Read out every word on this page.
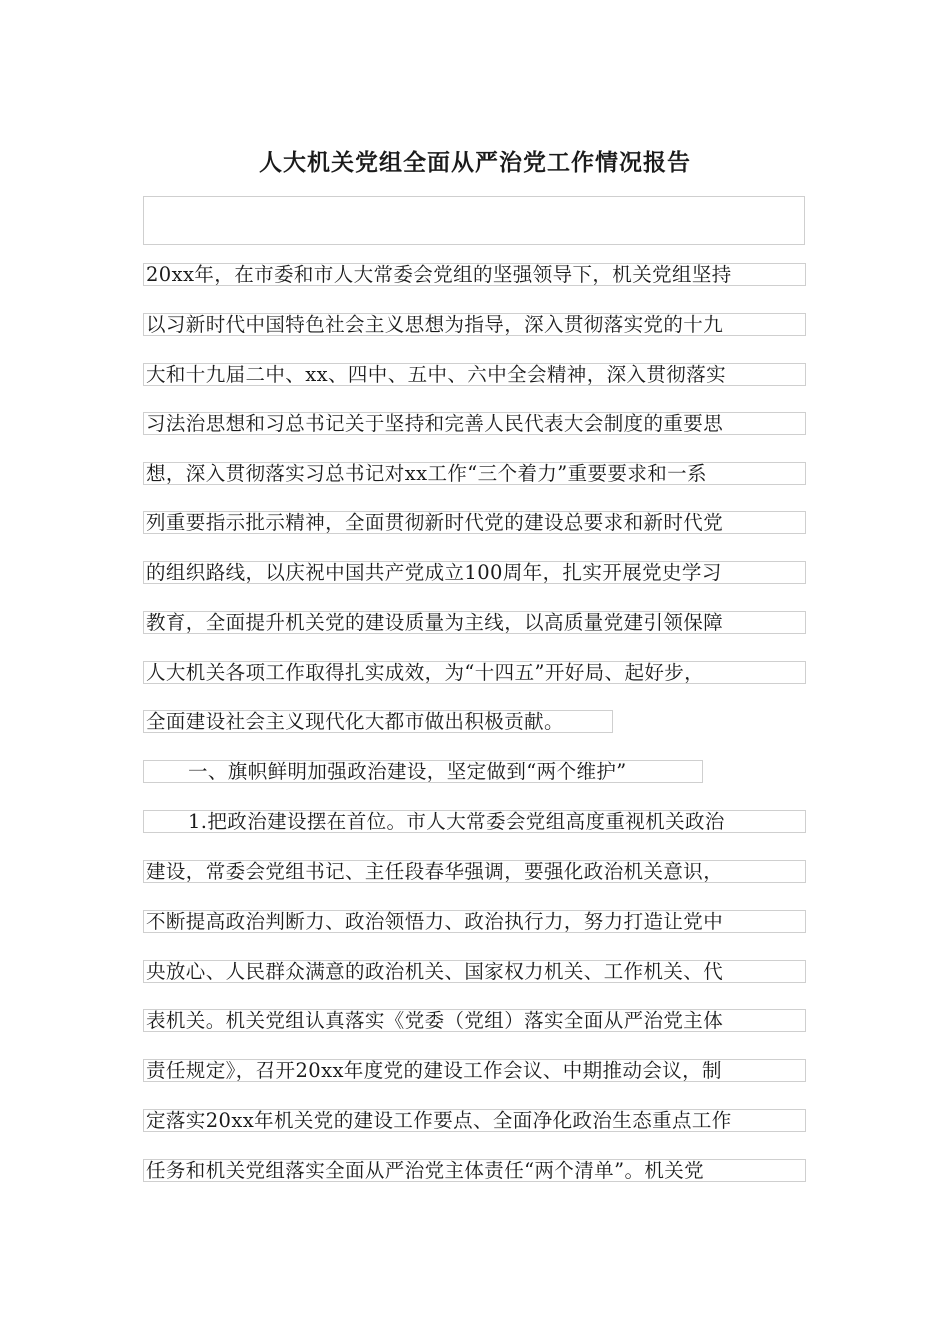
人大机关党组全面从严治党工作情况报告
20xx年，在市委和市人大常委会党组的坚强领导下，机关党组坚持
以习新时代中国特色社会主义思想为指导，深入贯彻落实党的十九
大和十九届二中、xx、四中、五中、六中全会精神，深入贯彻落实
习法治思想和习总书记关于坚持和完善人民代表大会制度的重要思
想，深入贯彻落实习总书记对xx工作“三个着力”重要要求和一系
列重要指示批示精神，全面贯彻新时代党的建设总要求和新时代党
的组织路线，以庆祝中国共产党成立100周年，扎实开展党史学习
教育，全面提升机关党的建设质量为主线，以高质量党建引领保障
人大机关各项工作取得扎实成效，为“十四五”开好局、起好步，
全面建设社会主义现代化大都市做出积极贡献。
一、旗帜鲜明加强政治建设，坚定做到“两个维护”
1.把政治建设摆在首位。市人大常委会党组高度重视机关政治
建设，常委会党组书记、主任段春华强调，要强化政治机关意识，
不断提高政治判断力、政治领悟力、政治执行力，努力打造让党中
央放心、人民群众满意的政治机关、国家权力机关、工作机关、代
表机关。机关党组认真落实《党委（党组）落实全面从严治党主体
责任规定》，召开20xx年度党的建设工作会议、中期推动会议，制
定落实20xx年机关党的建设工作要点、全面净化政治生态重点工作
任务和机关党组落实全面从严治党主体责任“两个清单”。机关党
